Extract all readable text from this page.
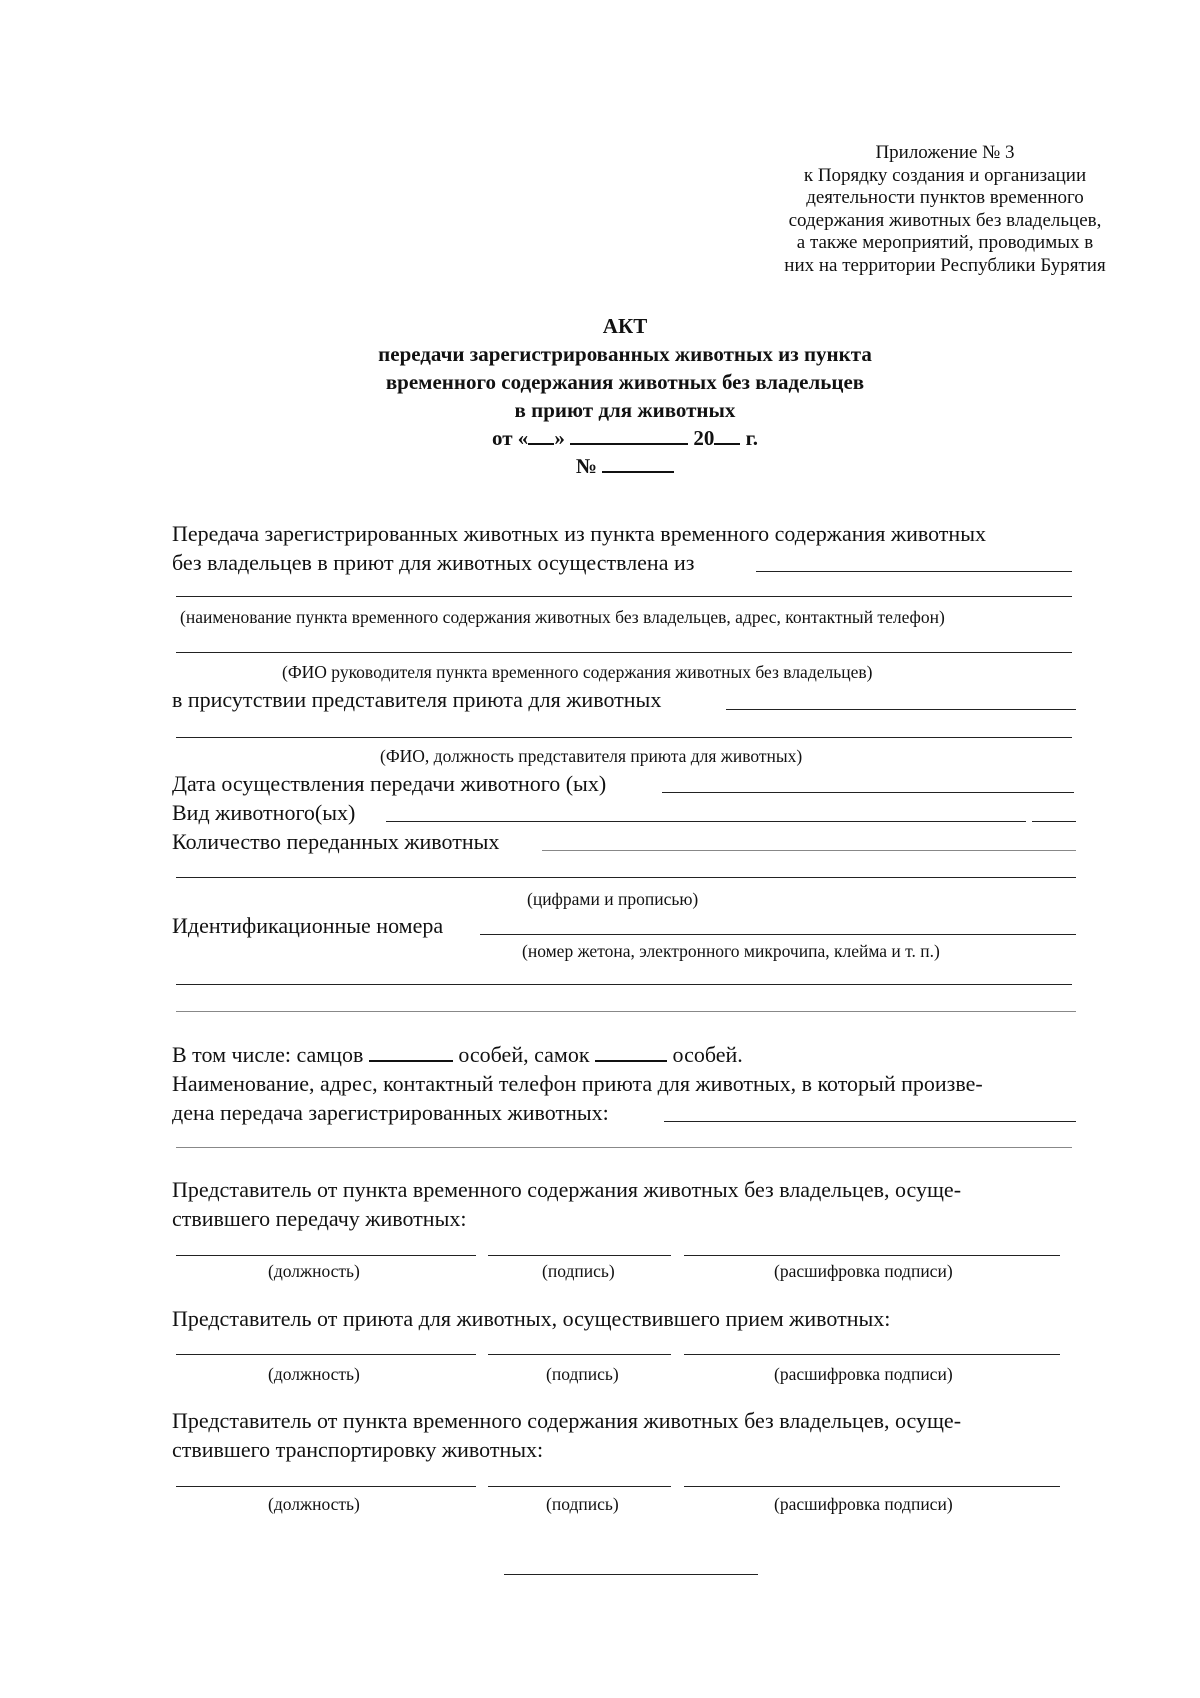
Приложение № 3
к Порядку создания и организации
деятельности пунктов временного
содержания животных без владельцев,
а также мероприятий, проводимых в
них на территории Республики Бурятия
АКТ
передачи зарегистрированных животных из пункта
временного содержания животных без владельцев
в приют для животных
от « »	20 г.
№
Передача зарегистрированных животных из пункта временного содержания животных
без владельцев в приют для животных осуществлена из
(наименование пункта временного содержания животных без владельцев, адрес, контактный телефон)
(ФИО руководителя пункта временного содержания животных без владельцев)
в присутствии представителя приюта для животных
(ФИО, должность представителя приюта для животных)
Дата осуществления передачи животного (ых)
Вид животного(ых)
Количество переданных животных
(цифрами и прописью)
Идентификационные номера
(номер жетона, электронного микрочипа, клейма и т. п.)
В том числе: самцов	особей, самок	особей.
Наименование, адрес, контактный телефон приюта для животных, в который произве-
дена передача зарегистрированных животных:
Представитель от пункта временного содержания животных без владельцев, осуще-
ствившего передачу животных:
(должность)	(подпись)	(расшифровка подписи)
Представитель от приюта для животных, осуществившего прием животных:
(должность)	(подпись)	(расшифровка подписи)
Представитель от пункта временного содержания животных без владельцев, осуще-
ствившего транспортировку животных:
(должность)	(подпись)	(расшифровка подписи)
